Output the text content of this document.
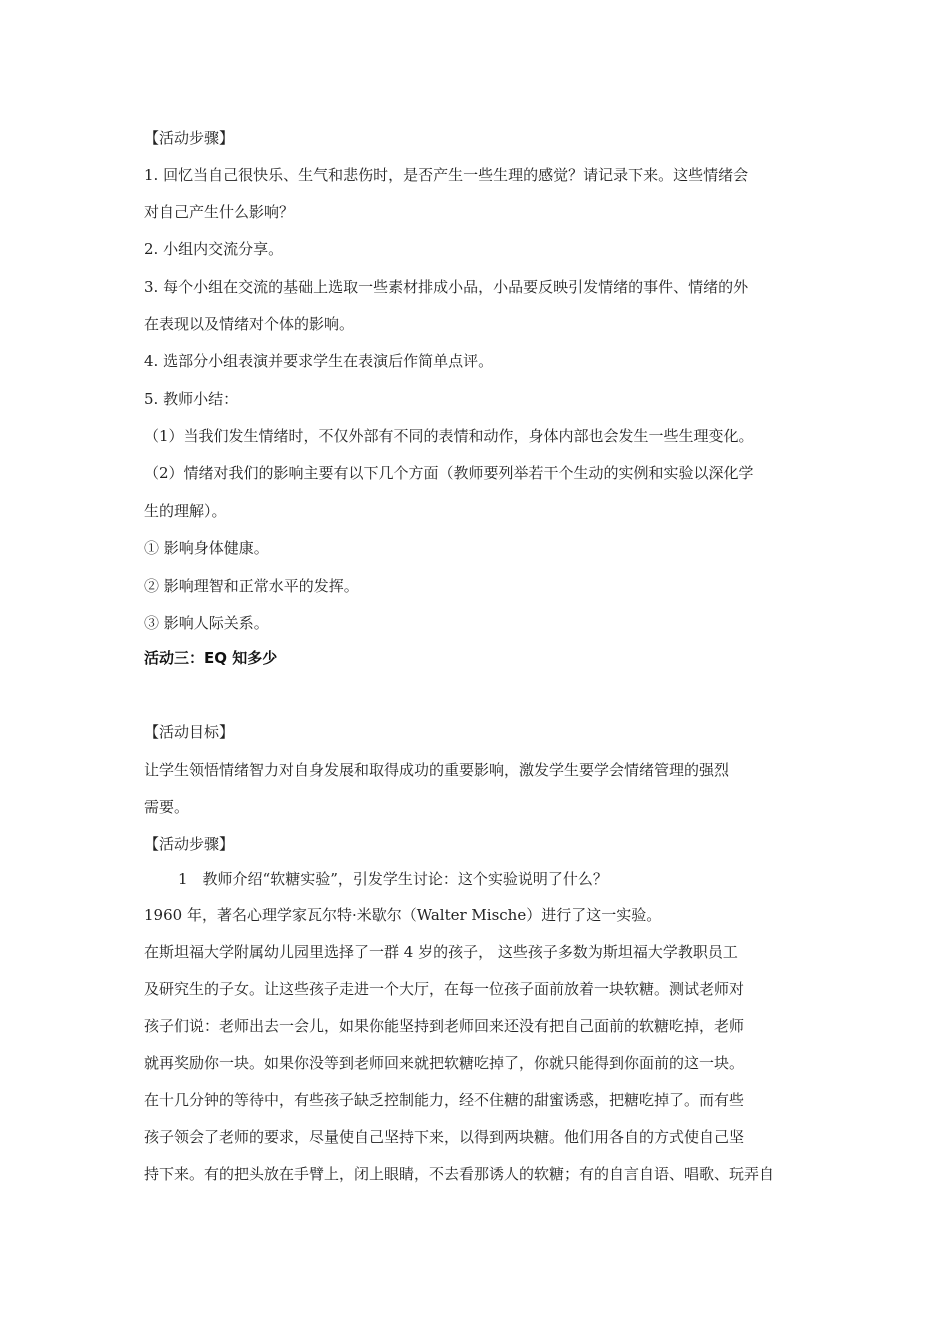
【活动步骤】
1. 回忆当自己很快乐、生气和悲伤时，是否产生一些生理的感觉？请记录下来。这些情绪会
对自己产生什么影响？
2. 小组内交流分享。
3. 每个小组在交流的基础上选取一些素材排成小品，小品要反映引发情绪的事件、情绪的外
在表现以及情绪对个体的影响。
4. 选部分小组表演并要求学生在表演后作简单点评。
5. 教师小结：
（1）当我们发生情绪时，不仅外部有不同的表情和动作，身体内部也会发生一些生理变化。
（2）情绪对我们的影响主要有以下几个方面（教师要列举若干个生动的实例和实验以深化学
生的理解）。
① 影响身体健康。
② 影响理智和正常水平的发挥。
③ 影响人际关系。
活动三：EQ 知多少
【活动目标】
让学生领悟情绪智力对自身发展和取得成功的重要影响，激发学生要学会情绪管理的强烈
需要。
【活动步骤】
1　教师介绍“软糖实验”，引发学生讨论：这个实验说明了什么？
1960 年，著名心理学家瓦尔特·米歇尔（Walter Mische）进行了这一实验。
在斯坦福大学附属幼儿园里选择了一群 4 岁的孩子， 这些孩子多数为斯坦福大学教职员工
及研究生的子女。让这些孩子走进一个大厅，在每一位孩子面前放着一块软糖。测试老师对
孩子们说：老师出去一会儿，如果你能坚持到老师回来还没有把自己面前的软糖吃掉，老师
就再奖励你一块。如果你没等到老师回来就把软糖吃掉了，你就只能得到你面前的这一块。
在十几分钟的等待中，有些孩子缺乏控制能力，经不住糖的甜蜜诱惑，把糖吃掉了。而有些
孩子领会了老师的要求，尽量使自己坚持下来，以得到两块糖。他们用各自的方式使自己坚
持下来。有的把头放在手臂上，闭上眼睛，不去看那诱人的软糖；有的自言自语、唱歌、玩弄自
